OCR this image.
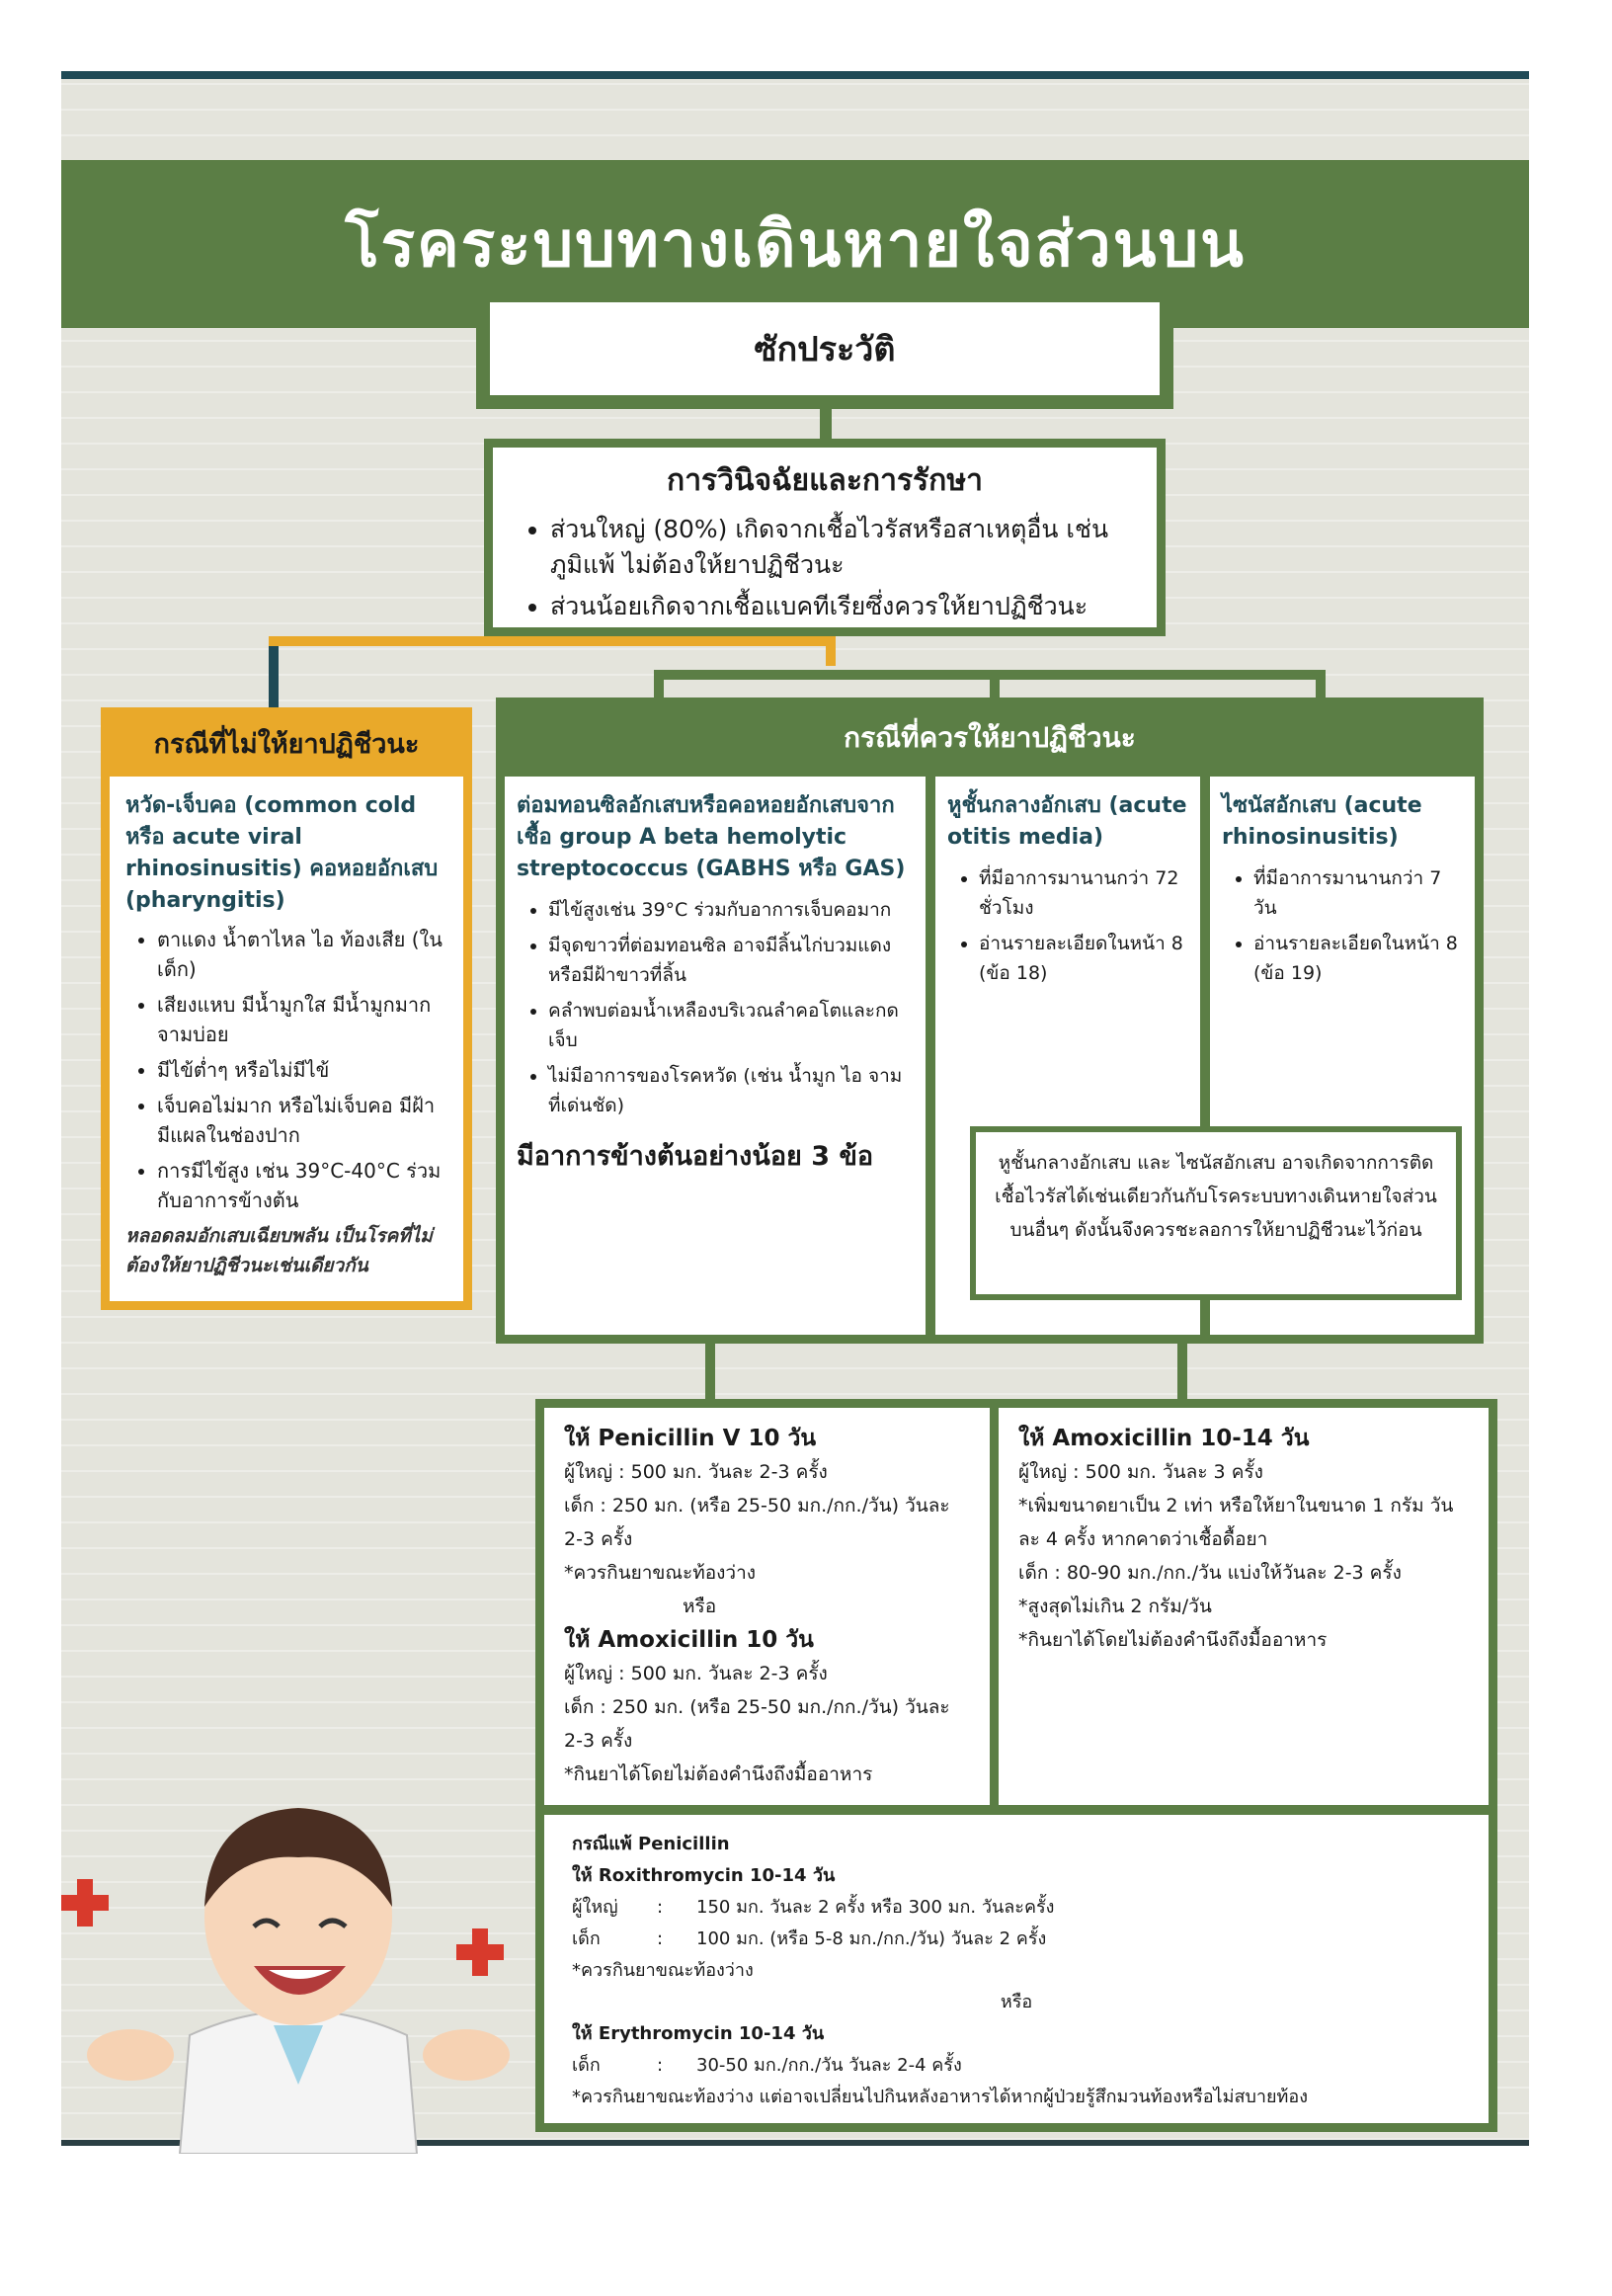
โรคระบบทางเดินหายใจส่วนบน
ซักประวัติ
การวินิจฉัยและการรักษา
• ส่วนใหญ่ (80%) เกิดจากเชื้อไวรัสหรือสาเหตุอื่น เช่น ภูมิแพ้ ไม่ต้องให้ยาปฏิชีวนะ
• ส่วนน้อยเกิดจากเชื้อแบคทีเรียซึ่งควรให้ยาปฏิชีวนะ
กรณีที่ไม่ให้ยาปฏิชีวนะ
หวัด-เจ็บคอ (common cold หรือ acute viral rhinosinusitis) คอหอยอักเสบ (pharyngitis)
• ตาแดง น้ำตาไหล ไอ ท้องเสีย (ในเด็ก)
• เสียงแหบ มีน้ำมูกใส มีน้ำมูกมาก จามบ่อย
• มีไข้ต่ำๆ หรือไม่มีไข้
• เจ็บคอไม่มาก หรือไม่เจ็บคอ มีฝ้า มีแผลในช่องปาก
• การมีไข้สูง เช่น 39°C-40°C ร่วมกับอาการข้างต้น
หลอดลมอักเสบเฉียบพลัน เป็นโรคที่ไม่ต้องให้ยาปฏิชีวนะเช่นเดียวกัน
กรณีที่ควรให้ยาปฏิชีวนะ
ต่อมทอนซิลอักเสบหรือคอหอยอักเสบจากเชื้อ group A beta hemolytic streptococcus (GABHS หรือ GAS)
• มีไข้สูงเช่น 39°C ร่วมกับอาการเจ็บคอมาก
• มีจุดขาวที่ต่อมทอนซิล อาจมีลิ้นไก่บวมแดง หรือมีฝ้าขาวที่ลิ้น
• คลำพบต่อมน้ำเหลืองบริเวณลำคอโตและกดเจ็บ
• ไม่มีอาการของโรคหวัด (เช่น น้ำมูก ไอ จาม ที่เด่นชัด)
มีอาการข้างต้นอย่างน้อย 3 ข้อ
หูชั้นกลางอักเสบ (acute otitis media)
• ที่มีอาการมานานกว่า 72 ชั่วโมง
• อ่านรายละเอียดในหน้า 8 (ข้อ 18)
ไซนัสอักเสบ (acute rhinosinusitis)
• ที่มีอาการมานานกว่า 7 วัน
• อ่านรายละเอียดในหน้า 8 (ข้อ 19)
หูชั้นกลางอักเสบ และ ไซนัสอักเสบ อาจเกิดจากการติดเชื้อไวรัสได้เช่นเดียวกันกับโรคระบบทางเดินหายใจส่วนบนอื่นๆ ดังนั้นจึงควรชะลอการให้ยาปฏิชีวนะไว้ก่อน
ให้ Penicillin V 10 วัน
ผู้ใหญ่ : 500 มก. วันละ 2-3 ครั้ง
เด็ก : 250 มก. (หรือ 25-50 มก./กก./วัน) วันละ 2-3 ครั้ง
*ควรกินยาขณะท้องว่าง
หรือ
ให้ Amoxicillin 10 วัน
ผู้ใหญ่ : 500 มก. วันละ 2-3 ครั้ง
เด็ก : 250 มก. (หรือ 25-50 มก./กก./วัน) วันละ 2-3 ครั้ง
*กินยาได้โดยไม่ต้องคำนึงถึงมื้ออาหาร
ให้ Amoxicillin 10-14 วัน
ผู้ใหญ่ : 500 มก. วันละ 3 ครั้ง
*เพิ่มขนาดยาเป็น 2 เท่า หรือให้ยาในขนาด 1 กรัม วันละ 4 ครั้ง หากคาดว่าเชื้อดื้อยา
เด็ก : 80-90 มก./กก./วัน แบ่งให้วันละ 2-3 ครั้ง
*สูงสุดไม่เกิน 2 กรัม/วัน
*กินยาได้โดยไม่ต้องคำนึงถึงมื้ออาหาร
กรณีแพ้ Penicillin
ให้ Roxithromycin 10-14 วัน
ผู้ใหญ่	:	150 มก. วันละ 2 ครั้ง หรือ 300 มก. วันละครั้ง
เด็ก	:	100 มก. (หรือ 5-8 มก./กก./วัน) วันละ 2 ครั้ง
*ควรกินยาขณะท้องว่าง
หรือ
ให้ Erythromycin 10-14 วัน
เด็ก	:	30-50 มก./กก./วัน วันละ 2-4 ครั้ง
*ควรกินยาขณะท้องว่าง แต่อาจเปลี่ยนไปกินหลังอาหารได้หากผู้ป่วยรู้สึกมวนท้องหรือไม่สบายท้อง
